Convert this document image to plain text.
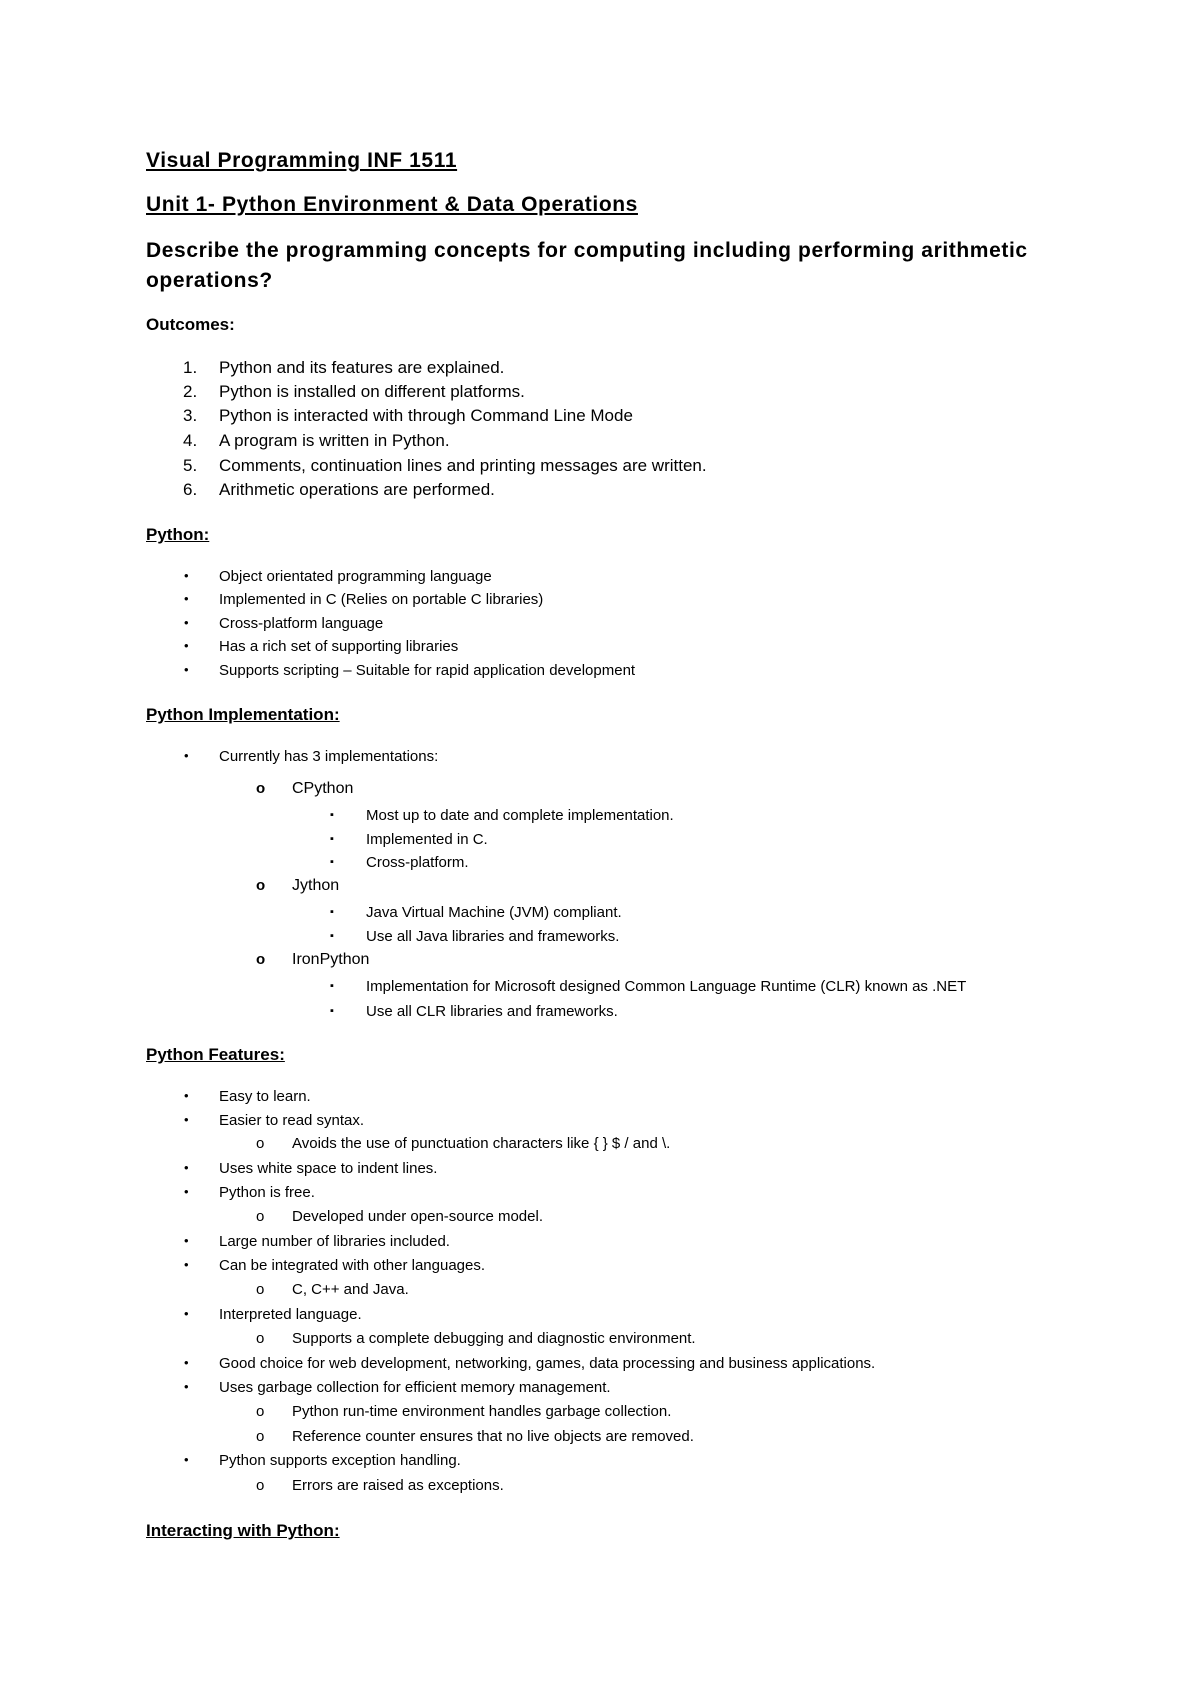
Visual Programming INF 1511
Unit 1- Python Environment & Data Operations
Describe the programming concepts for computing including performing arithmetic
operations?
Outcomes:
1. Python and its features are explained.
2. Python is installed on different platforms.
3. Python is interacted with through Command Line Mode
4. A program is written in Python.
5. Comments, continuation lines and printing messages are written.
6. Arithmetic operations are performed.
Python:
• Object orientated programming language
• Implemented in C (Relies on portable C libraries)
• Cross-platform language
• Has a rich set of supporting libraries
• Supports scripting – Suitable for rapid application development
Python Implementation:
• Currently has 3 implementations:
o CPython
▪ Most up to date and complete implementation.
▪ Implemented in C.
▪ Cross-platform.
o Jython
▪ Java Virtual Machine (JVM) compliant.
▪ Use all Java libraries and frameworks.
o IronPython
▪ Implementation for Microsoft designed Common Language Runtime (CLR) known as .NET
▪ Use all CLR libraries and frameworks.
Python Features:
• Easy to learn.
• Easier to read syntax.
o Avoids the use of punctuation characters like { } $ / and \.
• Uses white space to indent lines.
• Python is free.
o Developed under open-source model.
• Large number of libraries included.
• Can be integrated with other languages.
o C, C++ and Java.
• Interpreted language.
o Supports a complete debugging and diagnostic environment.
• Good choice for web development, networking, games, data processing and business applications.
• Uses garbage collection for efficient memory management.
o Python run-time environment handles garbage collection.
o Reference counter ensures that no live objects are removed.
• Python supports exception handling.
o Errors are raised as exceptions.
Interacting with Python:
